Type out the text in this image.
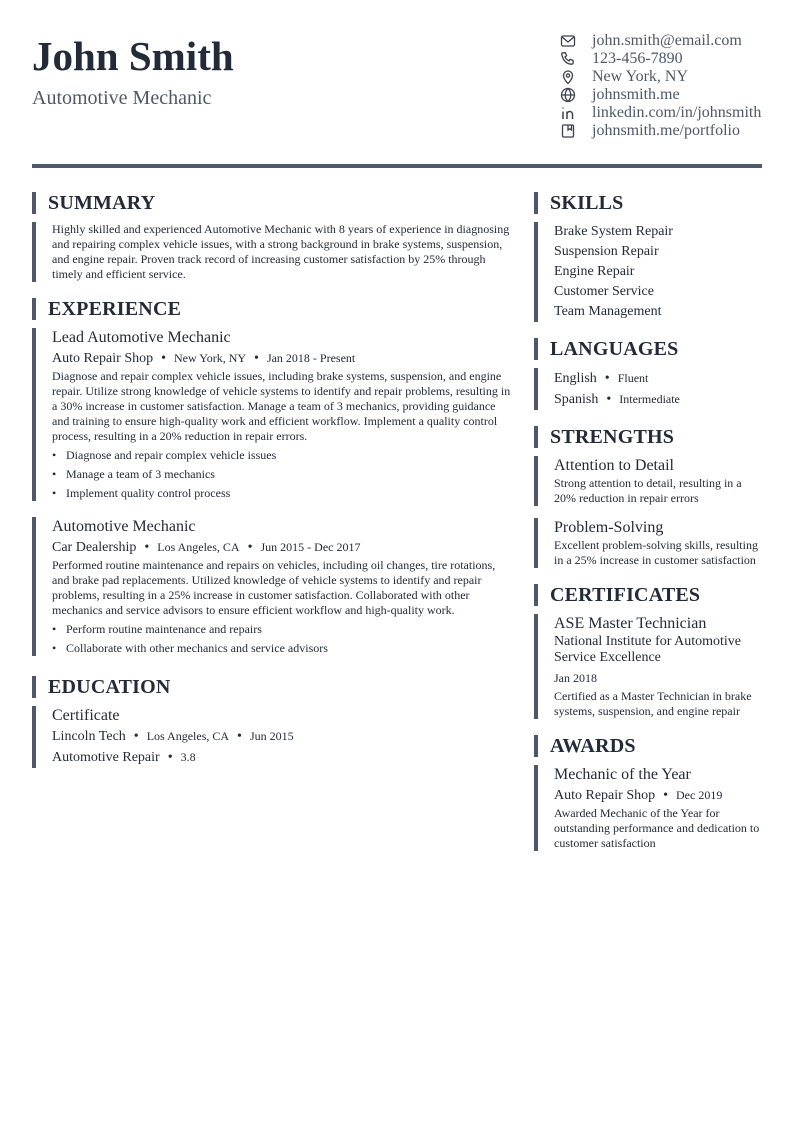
John Smith
Automotive Mechanic
john.smith@email.com
123-456-7890
New York, NY
johnsmith.me
linkedin.com/in/johnsmith
johnsmith.me/portfolio
SUMMARY
Highly skilled and experienced Automotive Mechanic with 8 years of experience in diagnosing and repairing complex vehicle issues, with a strong background in brake systems, suspension, and engine repair. Proven track record of increasing customer satisfaction by 25% through timely and efficient service.
EXPERIENCE
Lead Automotive Mechanic
Auto Repair Shop • New York, NY • Jan 2018 - Present
Diagnose and repair complex vehicle issues, including brake systems, suspension, and engine repair. Utilize strong knowledge of vehicle systems to identify and repair problems, resulting in a 30% increase in customer satisfaction. Manage a team of 3 mechanics, providing guidance and training to ensure high-quality work and efficient workflow. Implement a quality control process, resulting in a 20% reduction in repair errors.
• Diagnose and repair complex vehicle issues
• Manage a team of 3 mechanics
• Implement quality control process
Automotive Mechanic
Car Dealership • Los Angeles, CA • Jun 2015 - Dec 2017
Performed routine maintenance and repairs on vehicles, including oil changes, tire rotations, and brake pad replacements. Utilized knowledge of vehicle systems to identify and repair problems, resulting in a 25% increase in customer satisfaction. Collaborated with other mechanics and service advisors to ensure efficient workflow and high-quality work.
• Perform routine maintenance and repairs
• Collaborate with other mechanics and service advisors
EDUCATION
Certificate
Lincoln Tech • Los Angeles, CA • Jun 2015
Automotive Repair • 3.8
SKILLS
Brake System Repair
Suspension Repair
Engine Repair
Customer Service
Team Management
LANGUAGES
English • Fluent
Spanish • Intermediate
STRENGTHS
Attention to Detail
Strong attention to detail, resulting in a 20% reduction in repair errors
Problem-Solving
Excellent problem-solving skills, resulting in a 25% increase in customer satisfaction
CERTIFICATES
ASE Master Technician
National Institute for Automotive Service Excellence
Jan 2018
Certified as a Master Technician in brake systems, suspension, and engine repair
AWARDS
Mechanic of the Year
Auto Repair Shop • Dec 2019
Awarded Mechanic of the Year for outstanding performance and dedication to customer satisfaction
